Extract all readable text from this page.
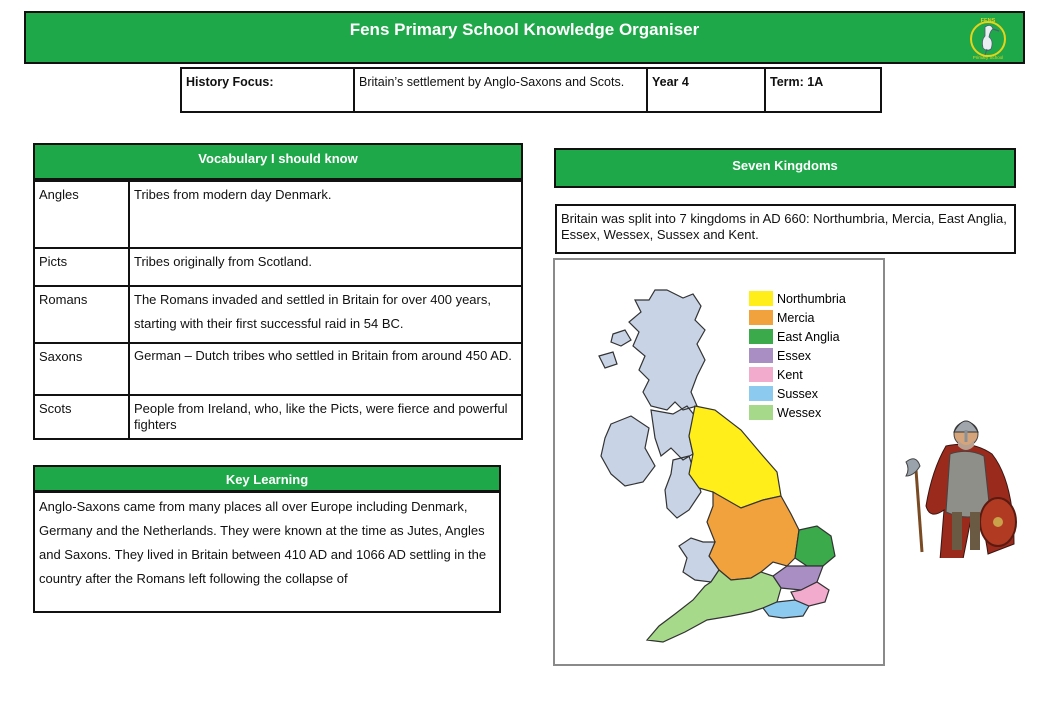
Fens Primary School Knowledge Organiser	FENS
Primary School
History Focus:	Britain’s settlement by Anglo-Saxons and Scots.	Year 4	Term: 1A
Vocabulary I should know
Angles	Tribes from modern day Denmark.
Picts	Tribes originally from Scotland.
Romans	The Romans invaded and settled in Britain for over 400 years, starting with their first successful raid in 54 BC.
Saxons	German – Dutch tribes who settled in Britain from around 450 AD.
Scots	People from Ireland, who, like the Picts, were fierce and powerful fighters
Key Learning
Anglo-Saxons came from many places all over Europe including Denmark, Germany and the Netherlands. They were known at the time as Jutes, Angles and Saxons. They lived in Britain between 410 AD and 1066 AD settling in the country after the Romans left following the collapse of
Seven Kingdoms
Britain was split into 7 kingdoms in AD 660: Northumbria, Mercia, East Anglia, Essex, Wessex, Sussex and Kent.
Northumbria
Mercia
East Anglia
Essex
Kent
Sussex
Wessex
